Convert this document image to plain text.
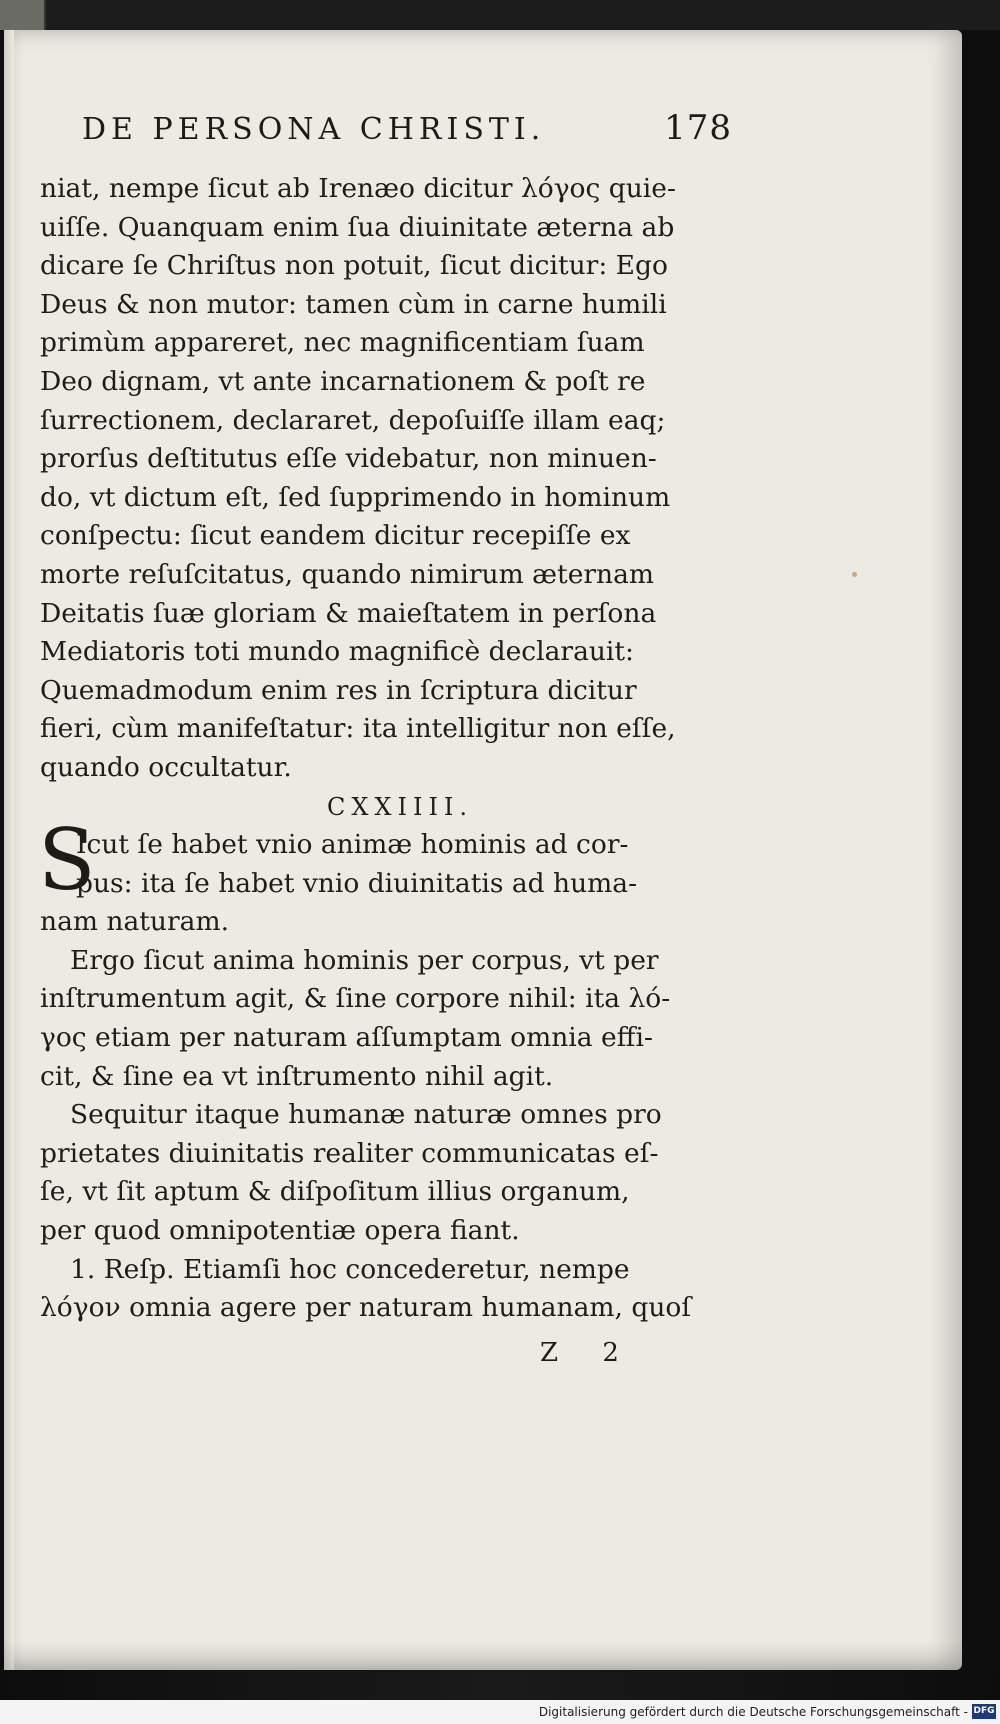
DE PERSONA CHRISTI.	178
niat, nempe ſicut ab Irenæo dicitur λόγος quie-
uiſſe. Quanquam enim ſua diuinitate æterna ab
dicare ſe Chriſtus non potuit, ſicut dicitur: Ego
Deus & non mutor: tamen cùm in carne humili
primùm appareret, nec magnificentiam ſuam
Deo dignam, vt ante incarnationem & poſt re
ſurrectionem, declararet, depoſuiſſe illam eaq;
prorſus deſtitutus eſſe videbatur, non minuen-
do, vt dictum eſt, ſed ſupprimendo in hominum
conſpectu: ſicut eandem dicitur recepiſſe ex
morte reſuſcitatus, quando nimirum æternam
Deitatis ſuæ gloriam & maieſtatem in perſona
Mediatoris toti mundo magnificè declarauit:
Quemadmodum enim res in ſcriptura dicitur
fieri, cùm manifeſtatur: ita intelligitur non eſſe,
quando occultatur.
CXXIIII.
S
Icut ſe habet vnio animæ hominis ad cor-
pus: ita ſe habet vnio diuinitatis ad huma-
nam naturam.
Ergo ſicut anima hominis per corpus, vt per
inſtrumentum agit, & ſine corpore nihil: ita λό-
γος etiam per naturam aſſumptam omnia effi-
cit, & ſine ea vt inſtrumento nihil agit.
Sequitur itaque humanæ naturæ omnes pro
prietates diuinitatis realiter communicatas eſ-
ſe, vt ſit aptum & diſpoſitum illius organum,
per quod omnipotentiæ opera fiant.
1. Reſp. Etiamſi hoc concederetur, nempe
λόγον omnia agere per naturam humanam, quoſ
Z 2
Digitalisierung gefördert durch die Deutsche Forschungsgemeinschaft - DFG
